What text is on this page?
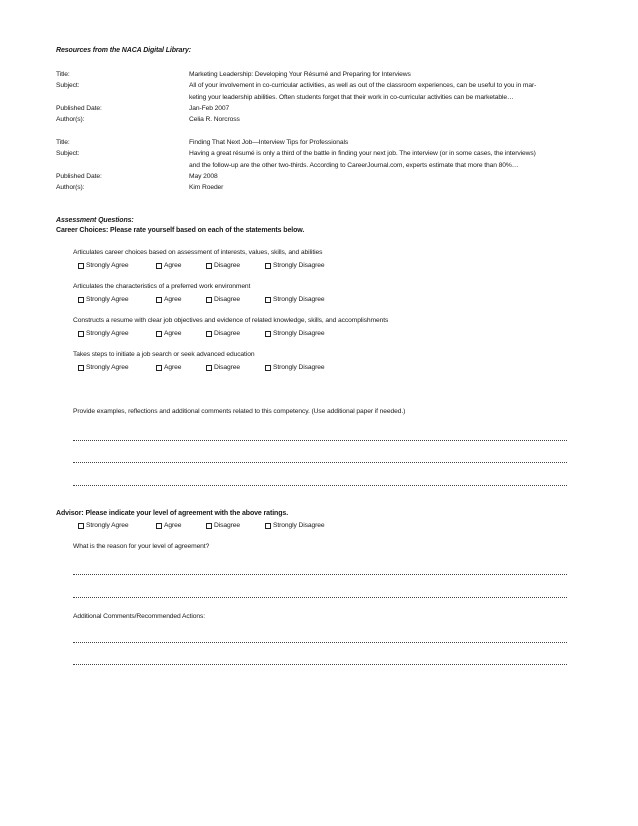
Resources from the NACA Digital Library:
Title:	Marketing Leadership: Developing Your Résumé and Preparing for Interviews
Subject:	All of your involvement in co-curricular activities, as well as out of the classroom experiences, can be useful to you in mar-
keting your leadership abilities. Often students forget that their work in co-curricular activities can be marketable…
Published Date:	Jan-Feb 2007
Author(s):	Celia R. Norcross
Title:	Finding That Next Job—Interview Tips for Professionals
Subject:	Having a great résumé is only a third of the battle in finding your next job. The interview (or in some cases, the interviews)
and the follow-up are the other two-thirds. According to CareerJournal.com, experts estimate that more than 80%…
Published Date:	May 2008
Author(s):	Kim Roeder
Assessment Questions:
Career Choices: Please rate yourself based on each of the statements below.
Articulates career choices based on assessment of interests, values, skills, and abilities
Strongly Agree	Agree	Disagree	Strongly Disagree
Articulates the characteristics of a preferred work environment
Strongly Agree	Agree	Disagree	Strongly Disagree
Constructs a resume with clear job objectives and evidence of related knowledge, skills, and accomplishments
Strongly Agree	Agree	Disagree	Strongly Disagree
Takes steps to initiate a job search or seek advanced education
Strongly Agree	Agree	Disagree	Strongly Disagree
Provide examples, reflections and additional comments related to this competency. (Use additional paper if needed.)
Advisor: Please indicate your level of agreement with the above ratings.
Strongly Agree	Agree	Disagree	Strongly Disagree
What is the reason for your level of agreement?
Additional Comments/Recommended Actions:
